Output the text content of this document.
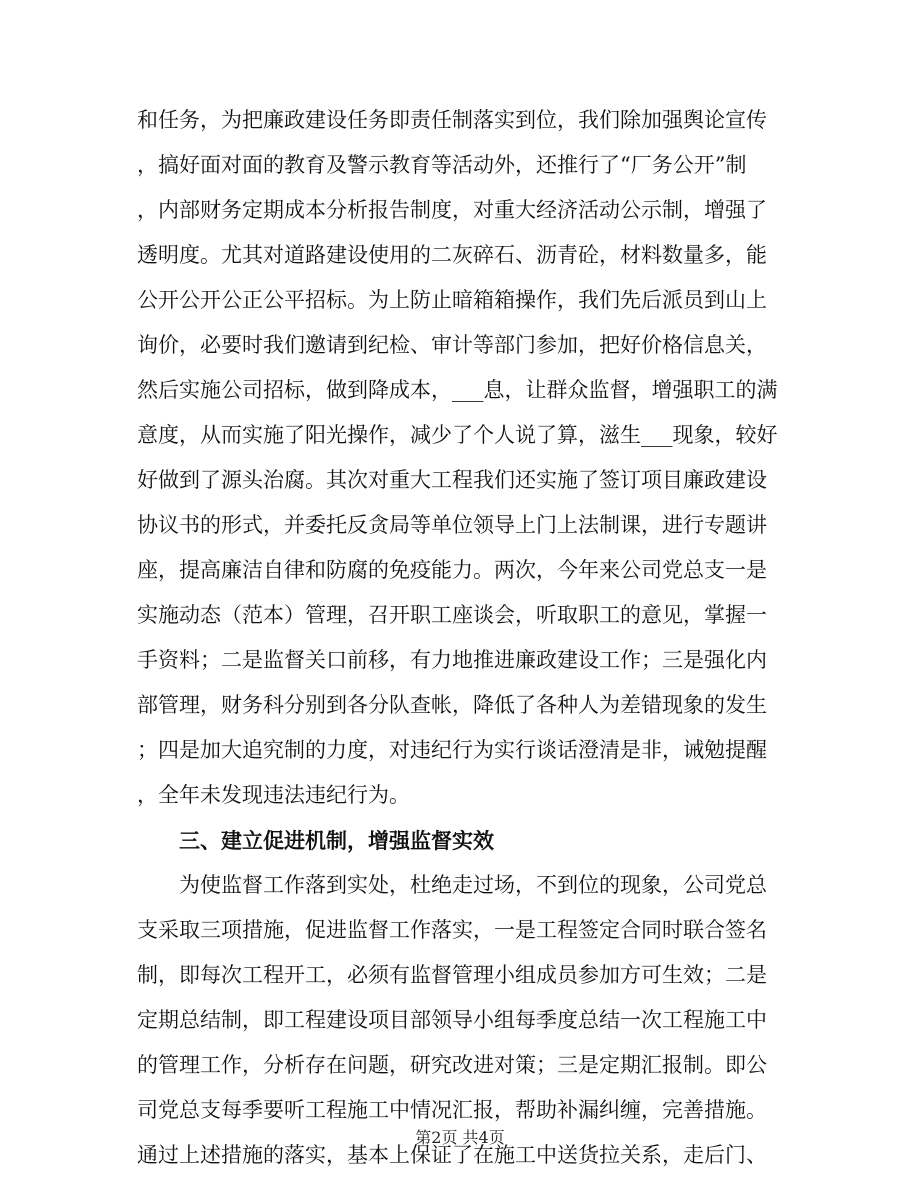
和任务，为把廉政建设任务即责任制落实到位，我们除加强舆论宣传
，搞好面对面的教育及警示教育等活动外，还推行了“厂务公开”制
，内部财务定期成本分析报告制度，对重大经济活动公示制，增强了
透明度。尤其对道路建设使用的二灰碎石、沥青砼，材料数量多，能
公开公开公正公平招标。为上防止暗箱箱操作，我们先后派员到山上
询价，必要时我们邀请到纪检、审计等部门参加，把好价格信息关，
然后实施公司招标，做到降成本，___息，让群众监督，增强职工的满
意度，从而实施了阳光操作，减少了个人说了算，滋生___现象，较好
好做到了源头治腐。其次对重大工程我们还实施了签订项目廉政建设
协议书的形式，并委托反贪局等单位领导上门上法制课，进行专题讲
座，提高廉洁自律和防腐的免疫能力。两次，今年来公司党总支一是
实施动态（范本）管理，召开职工座谈会，听取职工的意见，掌握一
手资料；二是监督关口前移，有力地推进廉政建设工作；三是强化内
部管理，财务科分别到各分队查帐，降低了各种人为差错现象的发生
；四是加大追究制的力度，对违纪行为实行谈话澄清是非，诫勉提醒
，全年未发现违法违纪行为。
三、建立促进机制，增强监督实效
为使监督工作落到实处，杜绝走过场，不到位的现象，公司党总
支采取三项措施，促进监督工作落实，一是工程签定合同时联合签名
制，即每次工程开工，必须有监督管理小组成员参加方可生效；二是
定期总结制，即工程建设项目部领导小组每季度总结一次工程施工中
的管理工作，分析存在问题，研究改进对策；三是定期汇报制。即公
司党总支每季要听工程施工中情况汇报，帮助补漏纠缠，完善措施。
通过上述措施的落实，基本上保证了在施工中送货拉关系，走后门、
第2页 共4页
